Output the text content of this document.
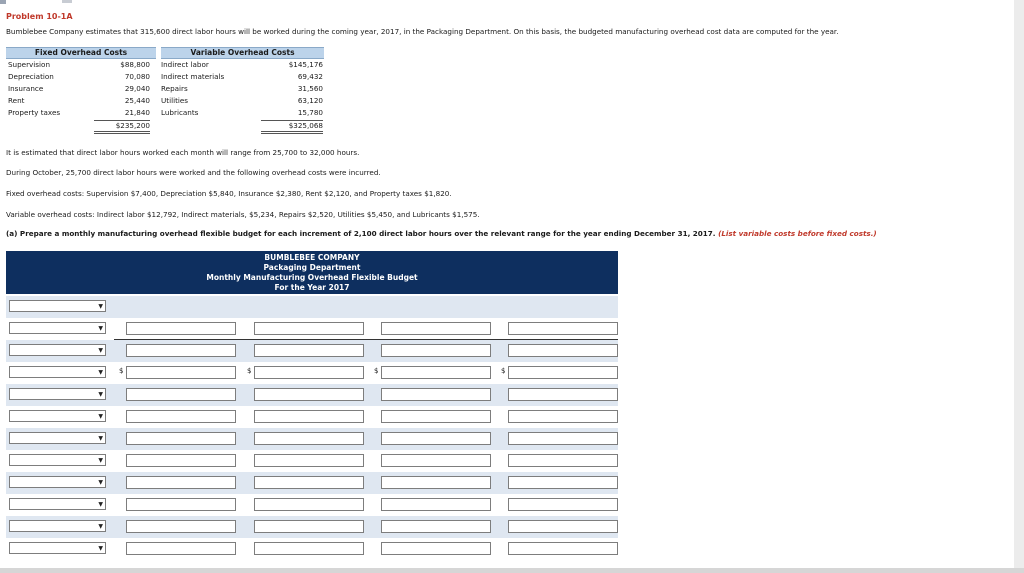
Problem 10-1A
Bumblebee Company estimates that 315,600 direct labor hours will be worked during the coming year, 2017, in the Packaging Department. On this basis, the budgeted manufacturing overhead cost data are computed for the year.
Fixed Overhead Costs	Variable Overhead Costs
Supervision	$88,800 Indirect labor	$145,176
Depreciation	70,080 Indirect materials	69,432
Insurance	29,040 Repairs	31,560
Rent	25,440 Utilities	63,120
Property taxes	21,840 Lubricants	15,780
$235,200	$325,068
It is estimated that direct labor hours worked each month will range from 25,700 to 32,000 hours.
During October, 25,700 direct labor hours were worked and the following overhead costs were incurred.
Fixed overhead costs: Supervision $7,400, Depreciation $5,840, Insurance $2,380, Rent $2,120, and Property taxes $1,820.
Variable overhead costs: Indirect labor $12,792, Indirect materials, $5,234, Repairs $2,520, Utilities $5,450, and Lubricants $1,575.
(a) Prepare a monthly manufacturing overhead flexible budget for each increment of 2,100 direct labor hours over the relevant range for the year ending December 31, 2017. (List variable costs before fixed costs.)
BUMBLEBEE COMPANY
Packaging Department
Monthly Manufacturing Overhead Flexible Budget
For the Year 2017
▼
▼
▼
▼ $	$	$	$
▼
▼
▼
▼
▼
▼
▼
▼
